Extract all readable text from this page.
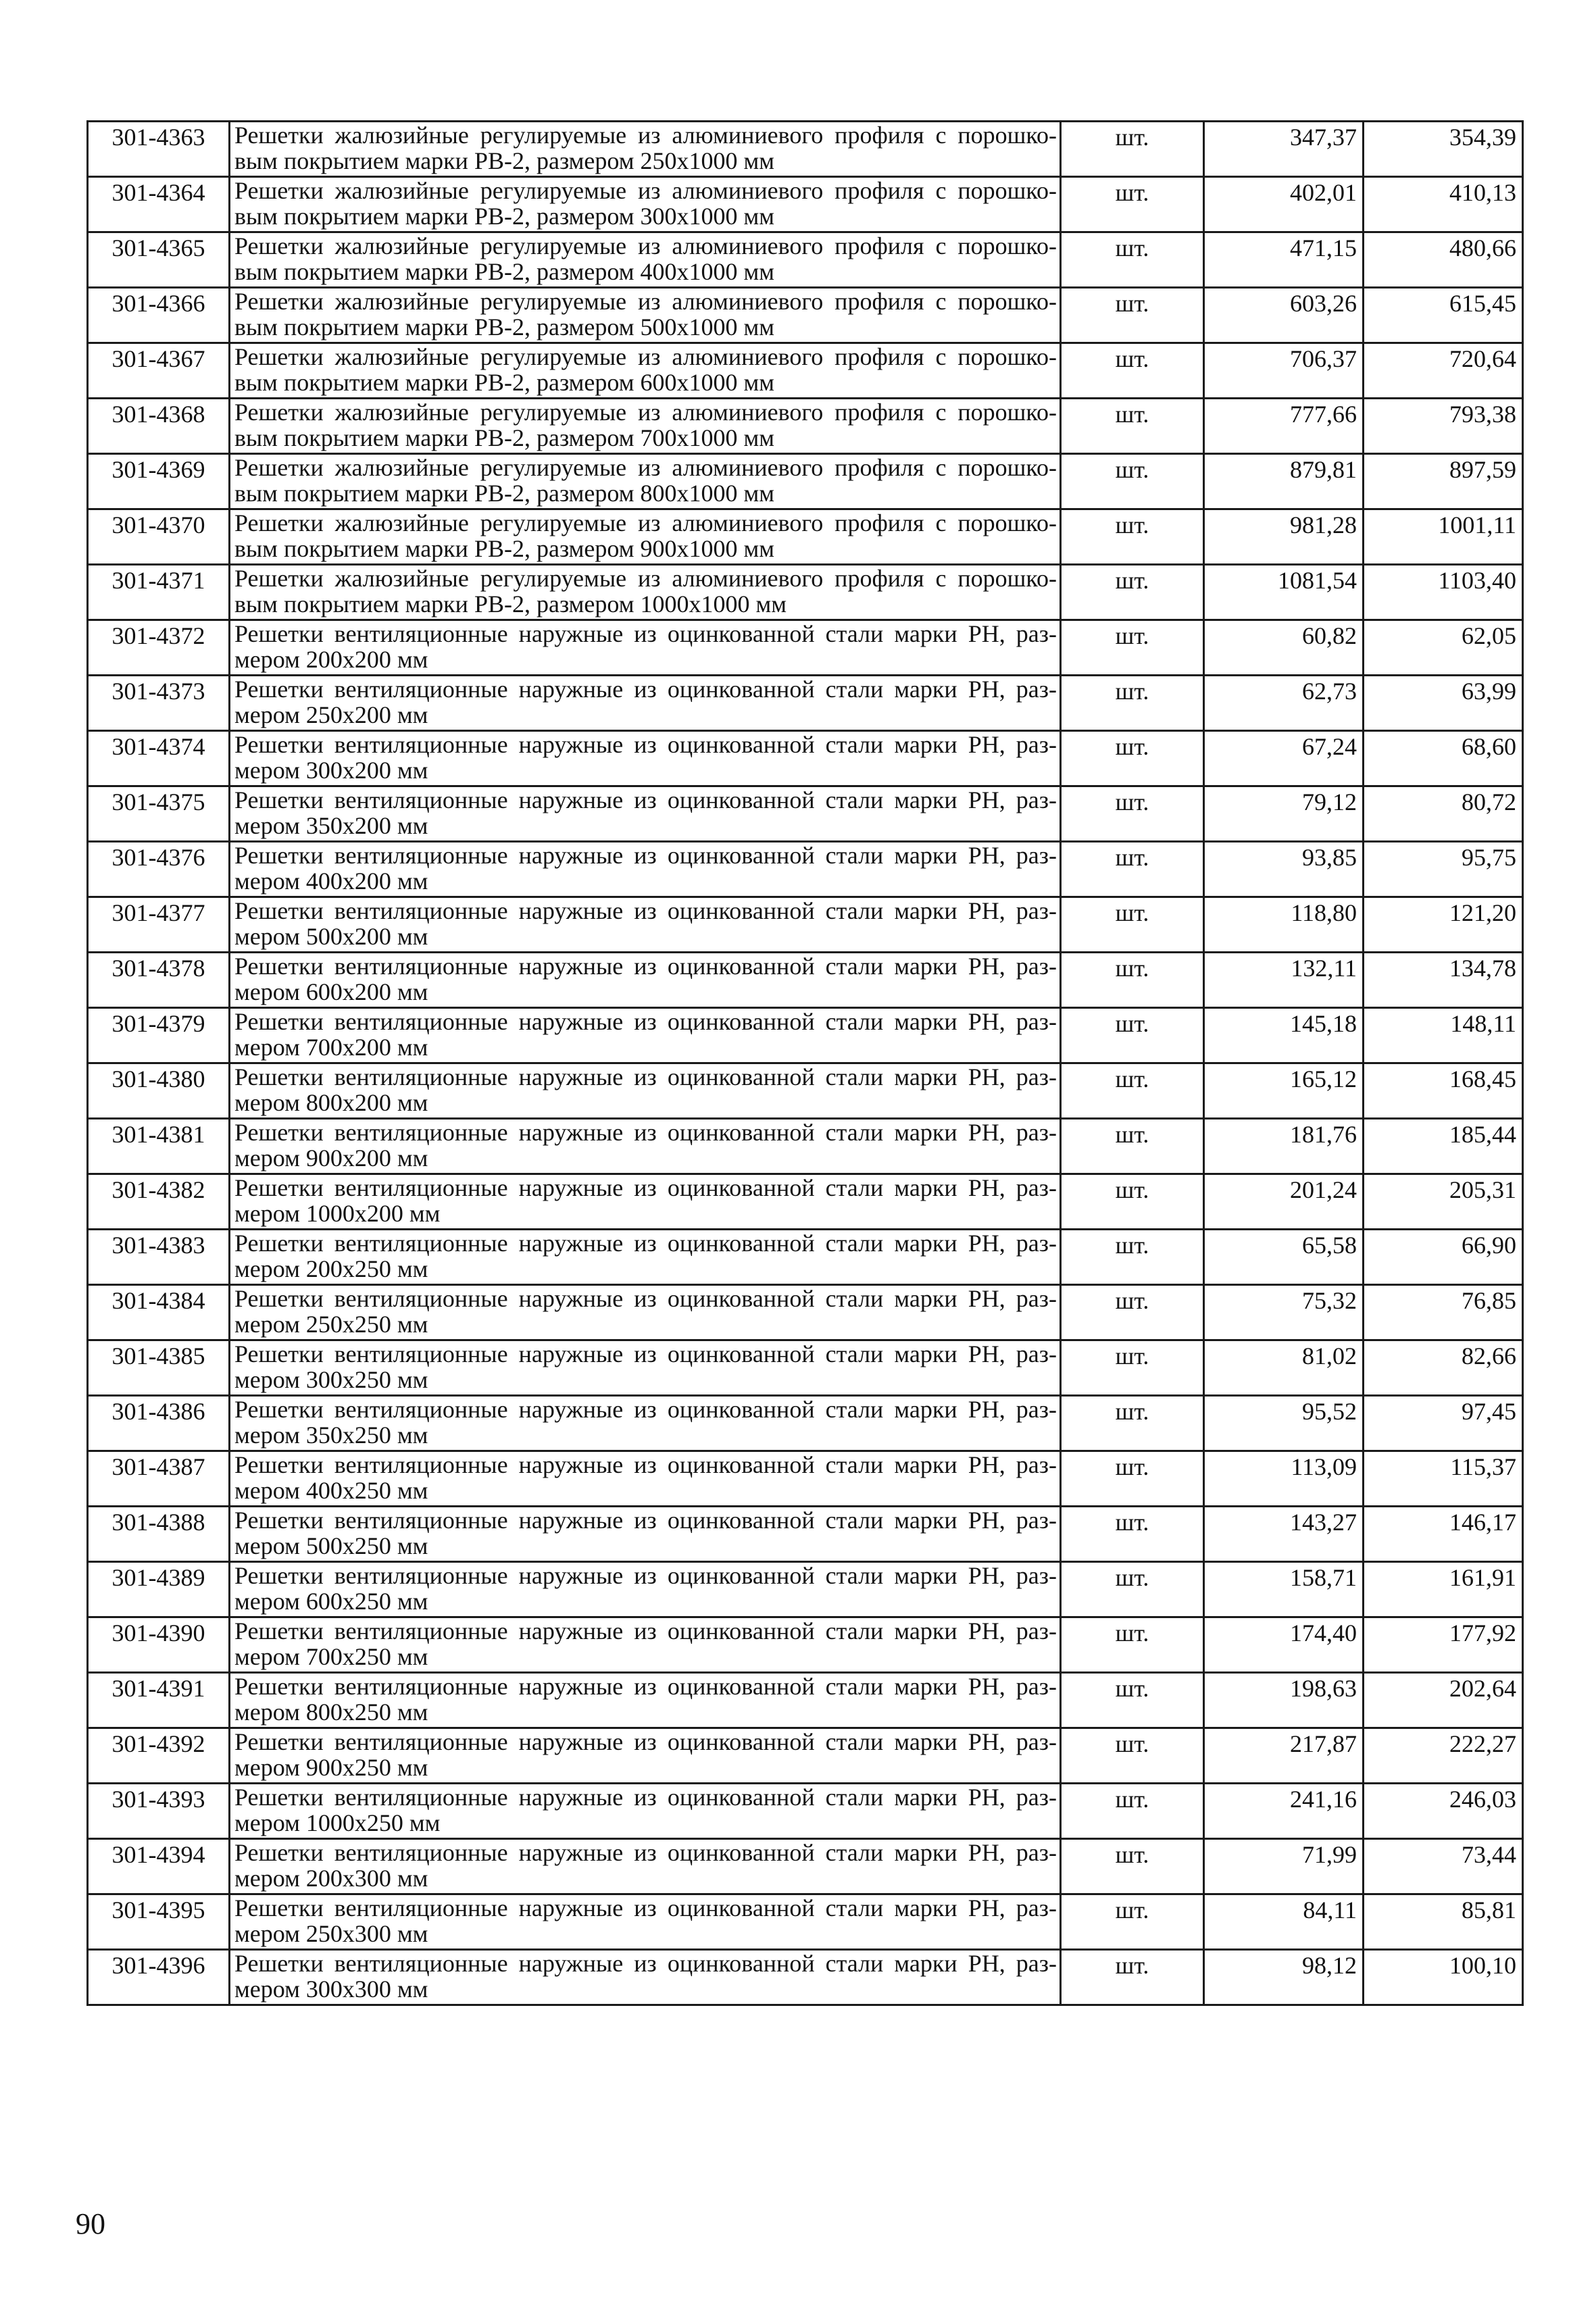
301-4363	Решетки жалюзийные регулируемые из алюминиевого профиля с порошко-вым покрытием марки РВ-2, размером 250х1000 мм	шт.	347,37	354,39
301-4364	Решетки жалюзийные регулируемые из алюминиевого профиля с порошко-вым покрытием марки РВ-2, размером 300х1000 мм	шт.	402,01	410,13
301-4365	Решетки жалюзийные регулируемые из алюминиевого профиля с порошко-вым покрытием марки РВ-2, размером 400х1000 мм	шт.	471,15	480,66
301-4366	Решетки жалюзийные регулируемые из алюминиевого профиля с порошко-вым покрытием марки РВ-2, размером 500х1000 мм	шт.	603,26	615,45
301-4367	Решетки жалюзийные регулируемые из алюминиевого профиля с порошко-вым покрытием марки РВ-2, размером 600х1000 мм	шт.	706,37	720,64
301-4368	Решетки жалюзийные регулируемые из алюминиевого профиля с порошко-вым покрытием марки РВ-2, размером 700х1000 мм	шт.	777,66	793,38
301-4369	Решетки жалюзийные регулируемые из алюминиевого профиля с порошко-вым покрытием марки РВ-2, размером 800х1000 мм	шт.	879,81	897,59
301-4370	Решетки жалюзийные регулируемые из алюминиевого профиля с порошко-вым покрытием марки РВ-2, размером 900х1000 мм	шт.	981,28	1001,11
301-4371	Решетки жалюзийные регулируемые из алюминиевого профиля с порошко-вым покрытием марки РВ-2, размером 1000х1000 мм	шт.	1081,54	1103,40
301-4372	Решетки вентиляционные наружные из оцинкованной стали марки РН, раз-мером 200х200 мм	шт.	60,82	62,05
301-4373	Решетки вентиляционные наружные из оцинкованной стали марки РН, раз-мером 250х200 мм	шт.	62,73	63,99
301-4374	Решетки вентиляционные наружные из оцинкованной стали марки РН, раз-мером 300х200 мм	шт.	67,24	68,60
301-4375	Решетки вентиляционные наружные из оцинкованной стали марки РН, раз-мером 350х200 мм	шт.	79,12	80,72
301-4376	Решетки вентиляционные наружные из оцинкованной стали марки РН, раз-мером 400х200 мм	шт.	93,85	95,75
301-4377	Решетки вентиляционные наружные из оцинкованной стали марки РН, раз-мером 500х200 мм	шт.	118,80	121,20
301-4378	Решетки вентиляционные наружные из оцинкованной стали марки РН, раз-мером 600х200 мм	шт.	132,11	134,78
301-4379	Решетки вентиляционные наружные из оцинкованной стали марки РН, раз-мером 700х200 мм	шт.	145,18	148,11
301-4380	Решетки вентиляционные наружные из оцинкованной стали марки РН, раз-мером 800х200 мм	шт.	165,12	168,45
301-4381	Решетки вентиляционные наружные из оцинкованной стали марки РН, раз-мером 900х200 мм	шт.	181,76	185,44
301-4382	Решетки вентиляционные наружные из оцинкованной стали марки РН, раз-мером 1000х200 мм	шт.	201,24	205,31
301-4383	Решетки вентиляционные наружные из оцинкованной стали марки РН, раз-мером 200х250 мм	шт.	65,58	66,90
301-4384	Решетки вентиляционные наружные из оцинкованной стали марки РН, раз-мером 250х250 мм	шт.	75,32	76,85
301-4385	Решетки вентиляционные наружные из оцинкованной стали марки РН, раз-мером 300х250 мм	шт.	81,02	82,66
301-4386	Решетки вентиляционные наружные из оцинкованной стали марки РН, раз-мером 350х250 мм	шт.	95,52	97,45
301-4387	Решетки вентиляционные наружные из оцинкованной стали марки РН, раз-мером 400х250 мм	шт.	113,09	115,37
301-4388	Решетки вентиляционные наружные из оцинкованной стали марки РН, раз-мером 500х250 мм	шт.	143,27	146,17
301-4389	Решетки вентиляционные наружные из оцинкованной стали марки РН, раз-мером 600х250 мм	шт.	158,71	161,91
301-4390	Решетки вентиляционные наружные из оцинкованной стали марки РН, раз-мером 700х250 мм	шт.	174,40	177,92
301-4391	Решетки вентиляционные наружные из оцинкованной стали марки РН, раз-мером 800х250 мм	шт.	198,63	202,64
301-4392	Решетки вентиляционные наружные из оцинкованной стали марки РН, раз-мером 900х250 мм	шт.	217,87	222,27
301-4393	Решетки вентиляционные наружные из оцинкованной стали марки РН, раз-мером 1000х250 мм	шт.	241,16	246,03
301-4394	Решетки вентиляционные наружные из оцинкованной стали марки РН, раз-мером 200х300 мм	шт.	71,99	73,44
301-4395	Решетки вентиляционные наружные из оцинкованной стали марки РН, раз-мером 250х300 мм	шт.	84,11	85,81
301-4396	Решетки вентиляционные наружные из оцинкованной стали марки РН, раз-мером 300х300 мм	шт.	98,12	100,10
90
